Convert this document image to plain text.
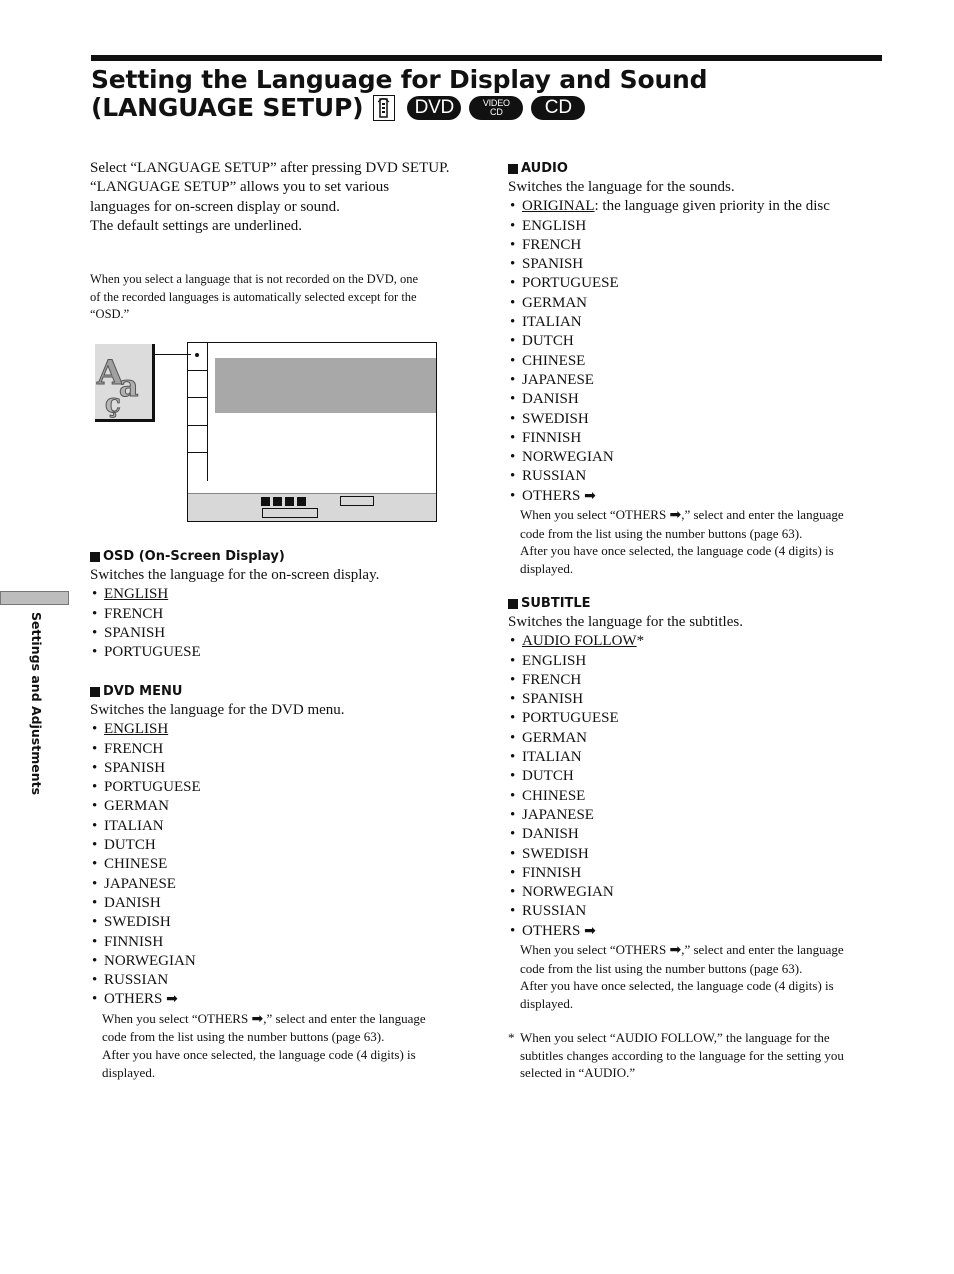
Setting the Language for Display and Sound
(LANGUAGE SETUP)	DVD	VIDEO
CD	CD

Select “LANGUAGE SETUP” after pressing DVD SETUP.

“LANGUAGE SETUP” allows you to set various

languages for on-screen display or sound.

The default settings are underlined.

When you select a language that is not recorded on the DVD, one
of the recorded languages is automatically selected except for the
“OSD.”
A
a
ç
OSD (On-Screen Display)
Switches the language for the on-screen display.
• ENGLISH
• FRENCH
• SPANISH
• PORTUGUESE
DVD MENU
Switches the language for the DVD menu.
• ENGLISH
• FRENCH
• SPANISH
• PORTUGUESE
• GERMAN
• ITALIAN
• DUTCH
• CHINESE
• JAPANESE
• DANISH
• SWEDISH
• FINNISH
• NORWEGIAN
• RUSSIAN
• OTHERS ➡
When you select “OTHERS ➡,” select and enter the language
code from the list using the number buttons (page 63).
After you have once selected, the language code (4 digits) is
displayed.
AUDIO
Switches the language for the sounds.
• ORIGINAL: the language given priority in the disc
• ENGLISH
• FRENCH
• SPANISH
• PORTUGUESE
• GERMAN
• ITALIAN
• DUTCH
• CHINESE
• JAPANESE
• DANISH
• SWEDISH
• FINNISH
• NORWEGIAN
• RUSSIAN
• OTHERS ➡
When you select “OTHERS ➡,” select and enter the language
code from the list using the number buttons (page 63).
After you have once selected, the language code (4 digits) is
displayed.
SUBTITLE
Switches the language for the subtitles.
• AUDIO FOLLOW*
• ENGLISH
• FRENCH
• SPANISH
• PORTUGUESE
• GERMAN
• ITALIAN
• DUTCH
• CHINESE
• JAPANESE
• DANISH
• SWEDISH
• FINNISH
• NORWEGIAN
• RUSSIAN
• OTHERS ➡
When you select “OTHERS ➡,” select and enter the language
code from the list using the number buttons (page 63).
After you have once selected, the language code (4 digits) is
displayed.
* When you select “AUDIO FOLLOW,” the language for the
subtitles changes according to the language for the setting you
selected in “AUDIO.”
Settings and Adjustments
